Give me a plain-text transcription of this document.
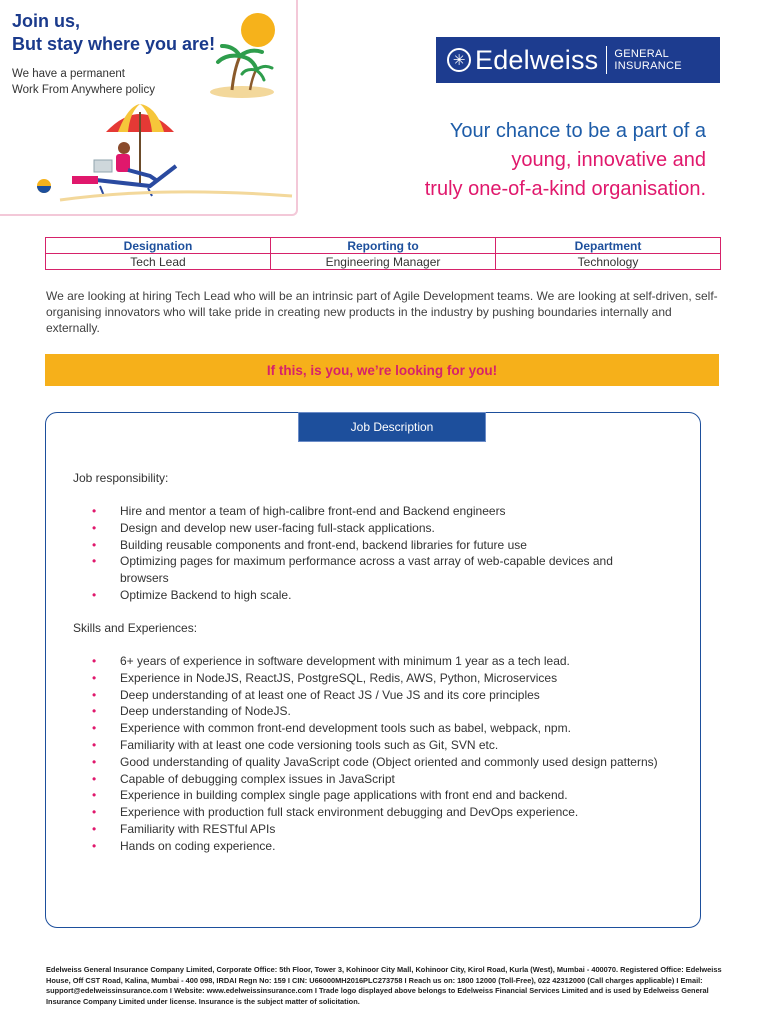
Join us,
But stay where you are!
We have a permanent
Work From Anywhere policy
✳ Edelweiss GENERAL
INSURANCE
Your chance to be a part of a
young, innovative and
truly one-of-a-kind organisation.
Designation	Reporting to	Department
Tech Lead	Engineering Manager	Technology
We are looking at hiring Tech Lead who will be an intrinsic part of Agile Development teams. We are looking at self-driven, self-organising innovators who will take pride in creating new products in the industry by pushing boundaries internally and externally.
If this, is you, we’re looking for you!
Job Description
Job responsibility:
• Hire and mentor a team of high-calibre front-end and Backend engineers
• Design and develop new user-facing full-stack applications.
• Building reusable components and front-end, backend libraries for future use
• Optimizing pages for maximum performance across a vast array of web-capable devices and browsers
• Optimize Backend to high scale.
Skills and Experiences:
• 6+ years of experience in software development with minimum 1 year as a tech lead.
• Experience in NodeJS, ReactJS, PostgreSQL, Redis, AWS, Python, Microservices
• Deep understanding of at least one of React JS / Vue JS and its core principles
• Deep understanding of NodeJS.
• Experience with common front-end development tools such as babel, webpack, npm.
• Familiarity with at least one code versioning tools such as Git, SVN etc.
• Good understanding of quality JavaScript code (Object oriented and commonly used design patterns)
• Capable of debugging complex issues in JavaScript
• Experience in building complex single page applications with front end and backend.
• Experience with production full stack environment debugging and DevOps experience.
• Familiarity with RESTful APIs
• Hands on coding experience.
Edelweiss General Insurance Company Limited, Corporate Office: 5th Floor, Tower 3, Kohinoor City Mall, Kohinoor City, Kirol Road, Kurla (West), Mumbai - 400070. Registered Office: Edelweiss House, Off CST Road, Kalina, Mumbai - 400 098, IRDAI Regn No: 159 I CIN: U66000MH2016PLC273758 I Reach us on: 1800 12000 (Toll-Free), 022 42312000 (Call charges applicable) I Email: support@edelweissinsurance.com I Website: www.edelweissinsurance.com I Trade logo displayed above belongs to Edelweiss Financial Services Limited and is used by Edelweiss General Insurance Company Limited under license. Insurance is the subject matter of solicitation.
